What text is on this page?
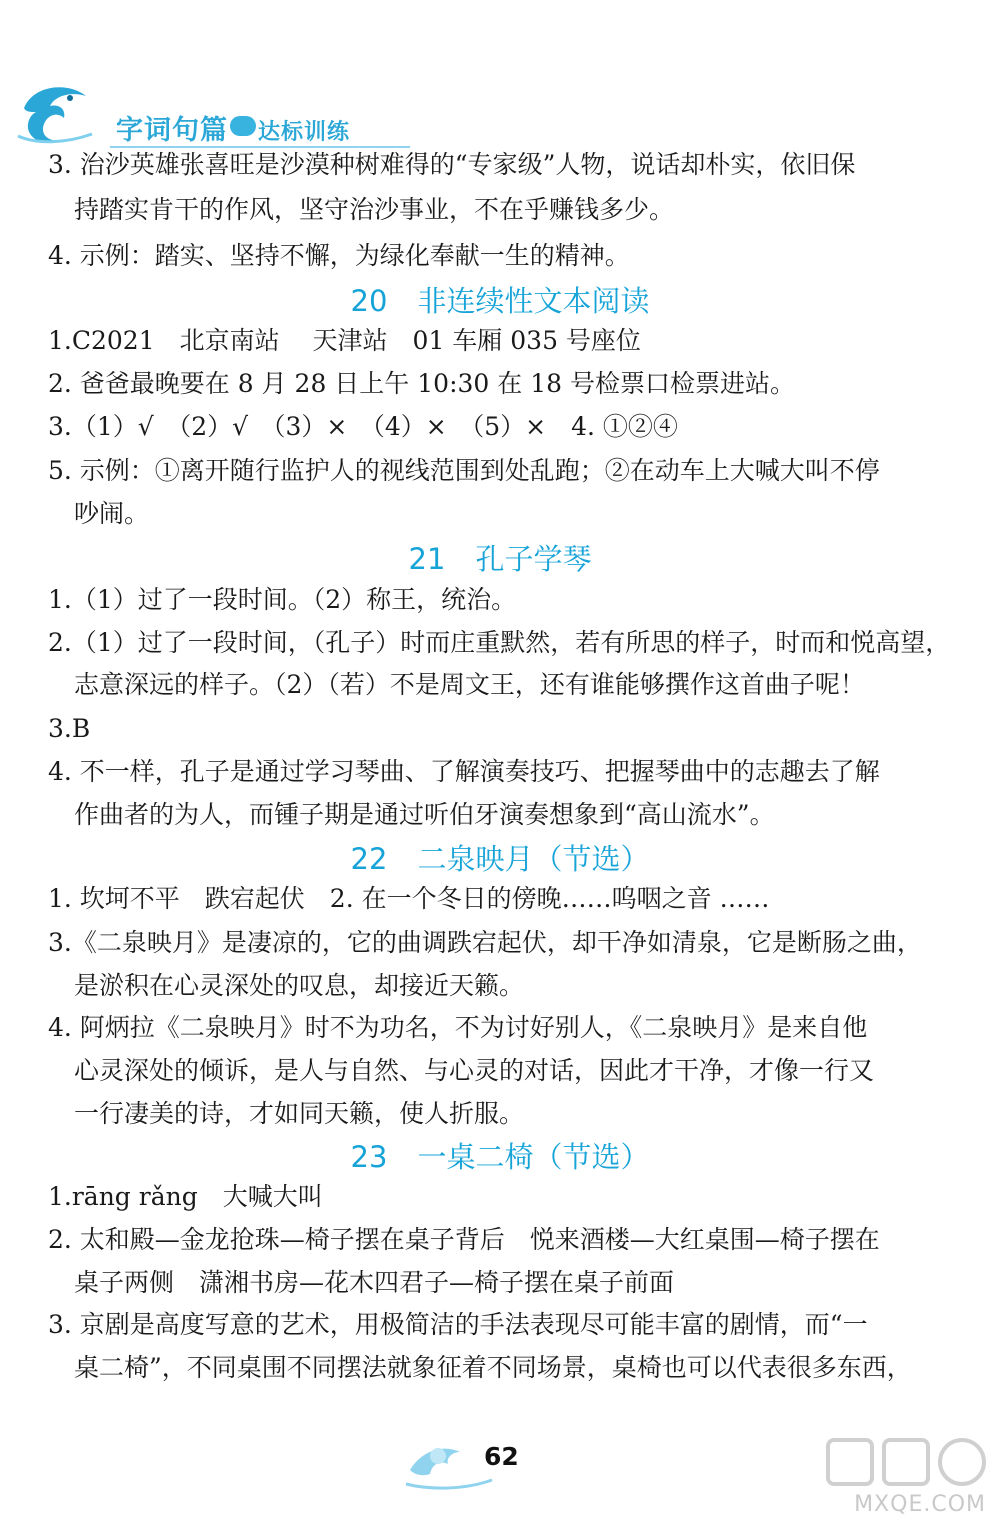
字词句篇 达标训练
3. 治沙英雄张喜旺是沙漠种树难得的“专家级”人物，说话却朴实，依旧保
持踏实肯干的作风，坚守治沙事业，不在乎赚钱多少。
4. 示例：踏实、坚持不懈，为绿化奉献一生的精神。
20 非连续性文本阅读
1.C2021　北京南站　 天津站　01 车厢 035 号座位
2. 爸爸最晚要在 8 月 28 日上午 10:30 在 18 号检票口检票进站。
3.（1）√　（2）√　（3）×　（4）×　（5）×　4. ①②④
5. 示例：①离开随行监护人的视线范围到处乱跑；②在动车上大喊大叫不停
吵闹。
21 孔子学琴
1.（1）过了一段时间。（2）称王，统治。
2.（1）过了一段时间，（孔子）时而庄重默然，若有所思的样子，时而和悦高望，
志意深远的样子。（2）（若）不是周文王，还有谁能够撰作这首曲子呢！
3.B
4. 不一样，孔子是通过学习琴曲、了解演奏技巧、把握琴曲中的志趣去了解
作曲者的为人，而锺子期是通过听伯牙演奏想象到“高山流水”。
22 二泉映月（节选）
1. 坎坷不平　跌宕起伏　2. 在一个冬日的傍晚……呜咽之音 ……
3.《二泉映月》是凄凉的，它的曲调跌宕起伏，却干净如清泉，它是断肠之曲，
是淤积在心灵深处的叹息，却接近天籁。
4. 阿炳拉《二泉映月》时不为功名，不为讨好别人，《二泉映月》是来自他
心灵深处的倾诉，是人与自然、与心灵的对话，因此才干净，才像一行又
一行凄美的诗，才如同天籁，使人折服。
23 一桌二椅（节选）
1.rāng rǎng　大喊大叫
2. 太和殿—金龙抢珠—椅子摆在桌子背后　悦来酒楼—大红桌围—椅子摆在
桌子两侧　潇湘书房—花木四君子—椅子摆在桌子前面
3. 京剧是高度写意的艺术，用极简洁的手法表现尽可能丰富的剧情，而“一
桌二椅”，不同桌围不同摆法就象征着不同场景，桌椅也可以代表很多东西，
62
MXQE.COM
